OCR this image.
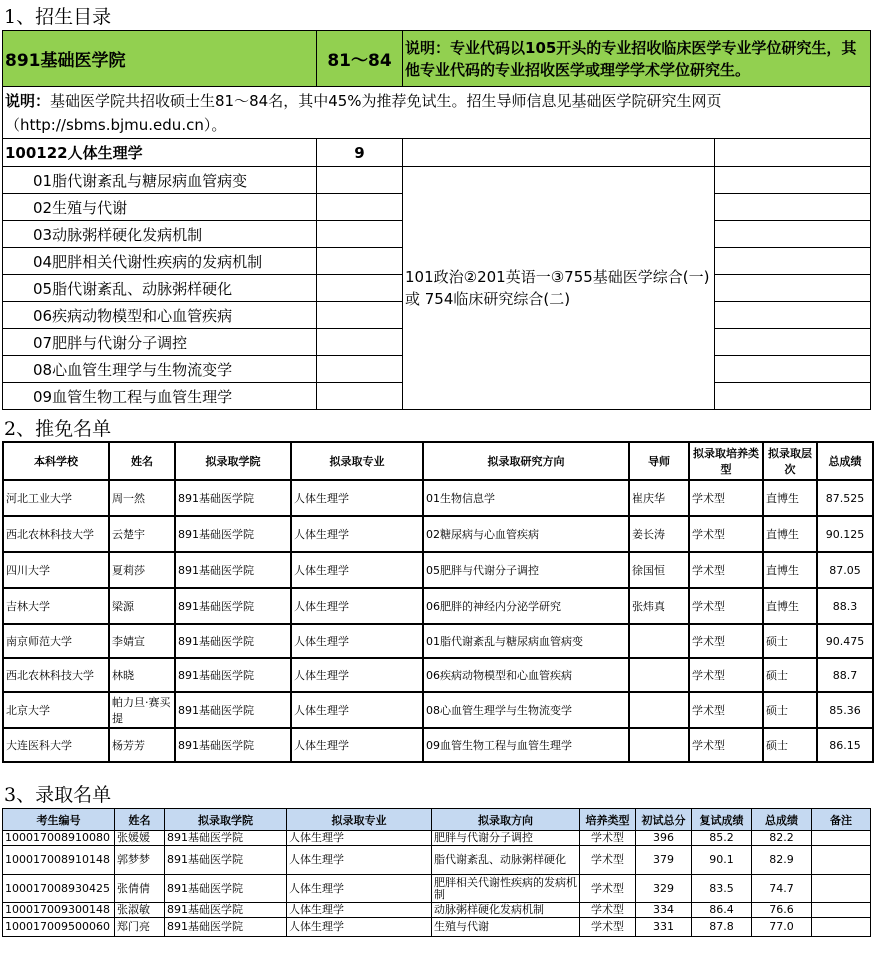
1、招生目录
891基础医学院	81～84	说明：专业代码以105开头的专业招收临床医学专业学位研究生，其他专业代码的专业招收医学或理学学术学位研究生。	
说明：基础医学院共招收硕士生81～84名，其中45%为推荐免试生。招生导师信息见基础医学院研究生网页（http://sbms.bjmu.edu.cn）。			
100122人体生理学	9		
01脂代谢紊乱与糖尿病血管病变		101政治②201英语一③755基础医学综合(一) 或 754临床研究综合(二)	
02生殖与代谢			
03动脉粥样硬化发病机制			
04肥胖相关代谢性疾病的发病机制			
05脂代谢紊乱、动脉粥样硬化			
06疾病动物模型和心血管疾病			
07肥胖与代谢分子调控			
08心血管生理学与生物流变学			
09血管生物工程与血管生理学			
2、推免名单
本科学校	姓名	拟录取学院	拟录取专业	拟录取研究方向	导师	拟录取培养类型	拟录取层次	总成绩
河北工业大学	周一然	891基础医学院	人体生理学	01生物信息学	崔庆华	学术型	直博生	87.525
西北农林科技大学	云楚宇	891基础医学院	人体生理学	02糖尿病与心血管疾病	姜长涛	学术型	直博生	90.125
四川大学	夏莉莎	891基础医学院	人体生理学	05肥胖与代谢分子调控	徐国恒	学术型	直博生	87.05
吉林大学	梁源	891基础医学院	人体生理学	06肥胖的神经内分泌学研究	张炜真	学术型	直博生	88.3
南京师范大学	李婧宣	891基础医学院	人体生理学	01脂代谢紊乱与糖尿病血管病变		学术型	硕士	90.475
西北农林科技大学	林晓	891基础医学院	人体生理学	06疾病动物模型和心血管疾病		学术型	硕士	88.7
北京大学	帕力旦·赛买提	891基础医学院	人体生理学	08心血管生理学与生物流变学		学术型	硕士	85.36
大连医科大学	杨芳芳	891基础医学院	人体生理学	09血管生物工程与血管生理学		学术型	硕士	86.15
3、录取名单
考生编号	姓名	拟录取学院	拟录取专业	拟录取方向	培养类型	初试总分	复试成绩	总成绩	备注
100017008910080	张媛媛	891基础医学院	人体生理学	肥胖与代谢分子调控	学术型	396	85.2	82.2	
100017008910148	郭梦梦	891基础医学院	人体生理学	脂代谢紊乱、动脉粥样硬化	学术型	379	90.1	82.9	
100017008930425	张倩倩	891基础医学院	人体生理学	肥胖相关代谢性疾病的发病机制	学术型	329	83.5	74.7	
100017009300148	张淑敏	891基础医学院	人体生理学	动脉粥样硬化发病机制	学术型	334	86.4	76.6	
100017009500060	郑门亮	891基础医学院	人体生理学	生殖与代谢	学术型	331	87.8	77.0	
